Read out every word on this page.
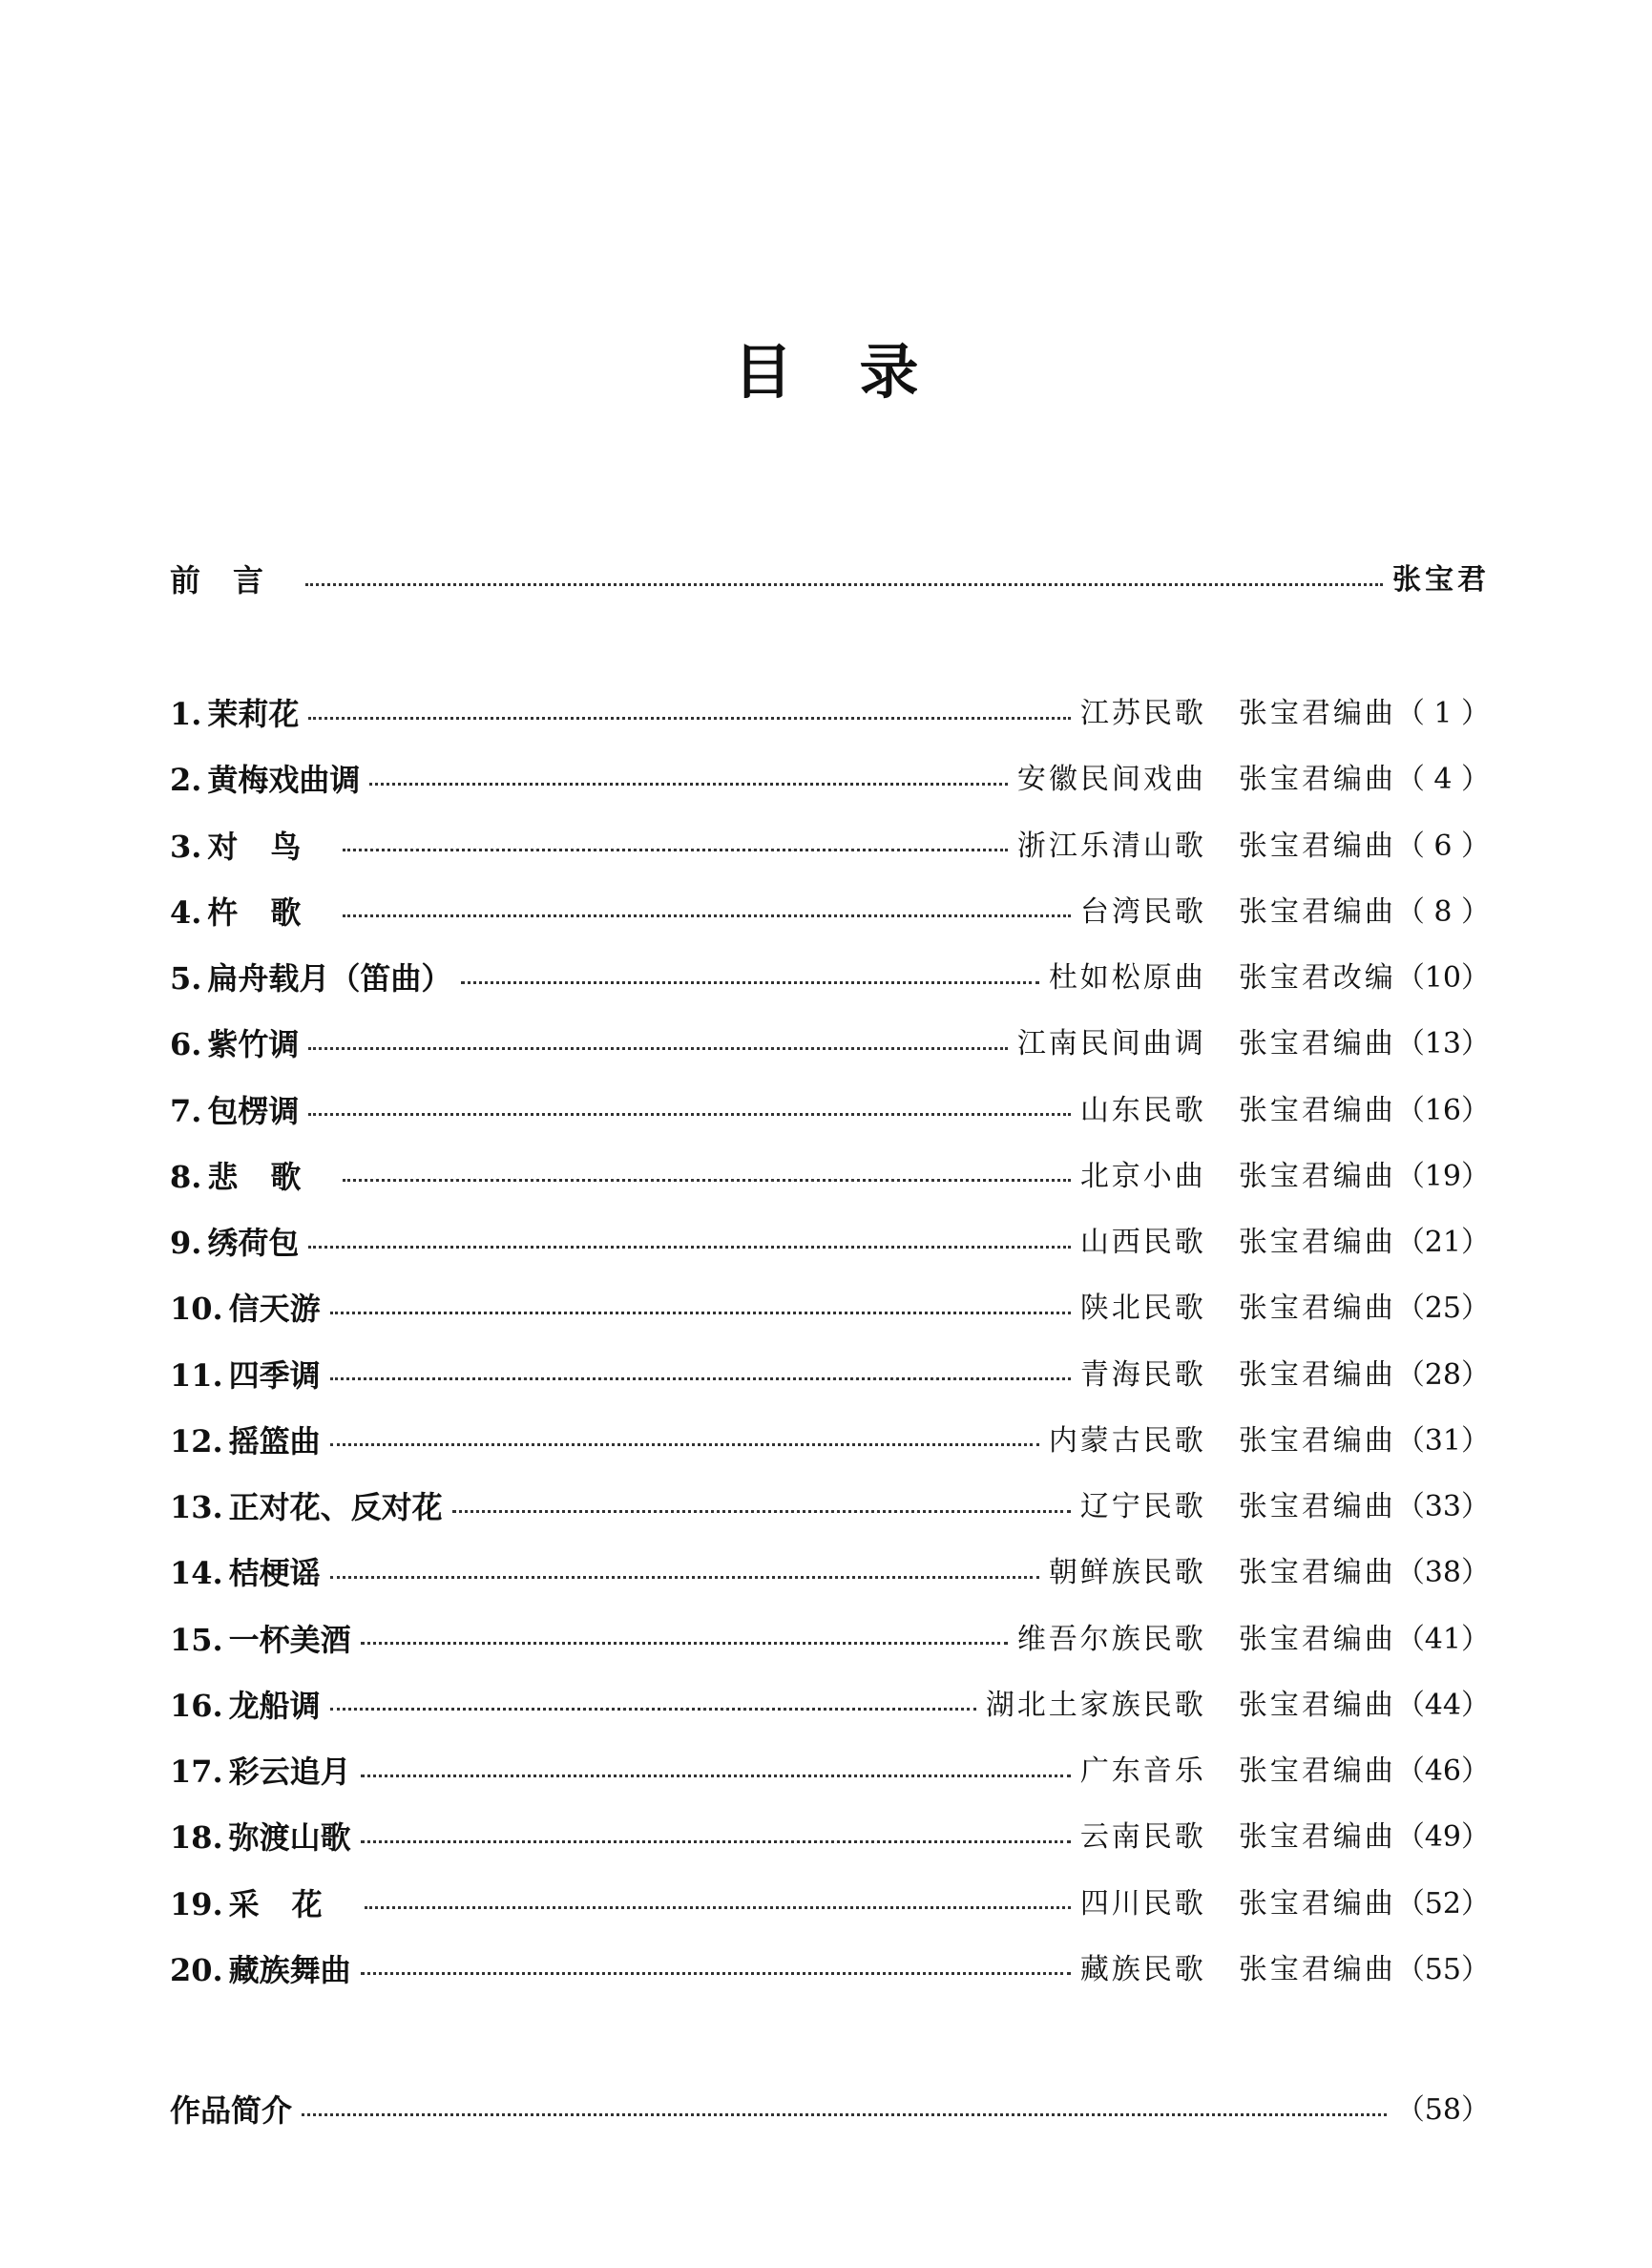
目录
前言	张宝君
1. 茉莉花	江苏民歌 张宝君编曲 （ 1 ）
2. 黄梅戏曲调	安徽民间戏曲 张宝君编曲 （ 4 ）
3. 对鸟	浙江乐清山歌 张宝君编曲 （ 6 ）
4. 杵歌	台湾民歌 张宝君编曲 （ 8 ）
5. 扁舟载月（笛曲）	杜如松原曲 张宝君改编 （10）
6. 紫竹调	江南民间曲调 张宝君编曲 （13）
7. 包楞调	山东民歌 张宝君编曲 （16）
8. 悲歌	北京小曲 张宝君编曲 （19）
9. 绣荷包	山西民歌 张宝君编曲 （21）
10. 信天游	陕北民歌 张宝君编曲 （25）
11. 四季调	青海民歌 张宝君编曲 （28）
12. 摇篮曲	内蒙古民歌 张宝君编曲 （31）
13. 正对花、反对花	辽宁民歌 张宝君编曲 （33）
14. 桔梗谣	朝鲜族民歌 张宝君编曲 （38）
15. 一杯美酒	维吾尔族民歌 张宝君编曲 （41）
16. 龙船调	湖北土家族民歌 张宝君编曲 （44）
17. 彩云追月	广东音乐 张宝君编曲 （46）
18. 弥渡山歌	云南民歌 张宝君编曲 （49）
19. 采花	四川民歌 张宝君编曲 （52）
20. 藏族舞曲	藏族民歌 张宝君编曲 （55）
作品简介	（58）
